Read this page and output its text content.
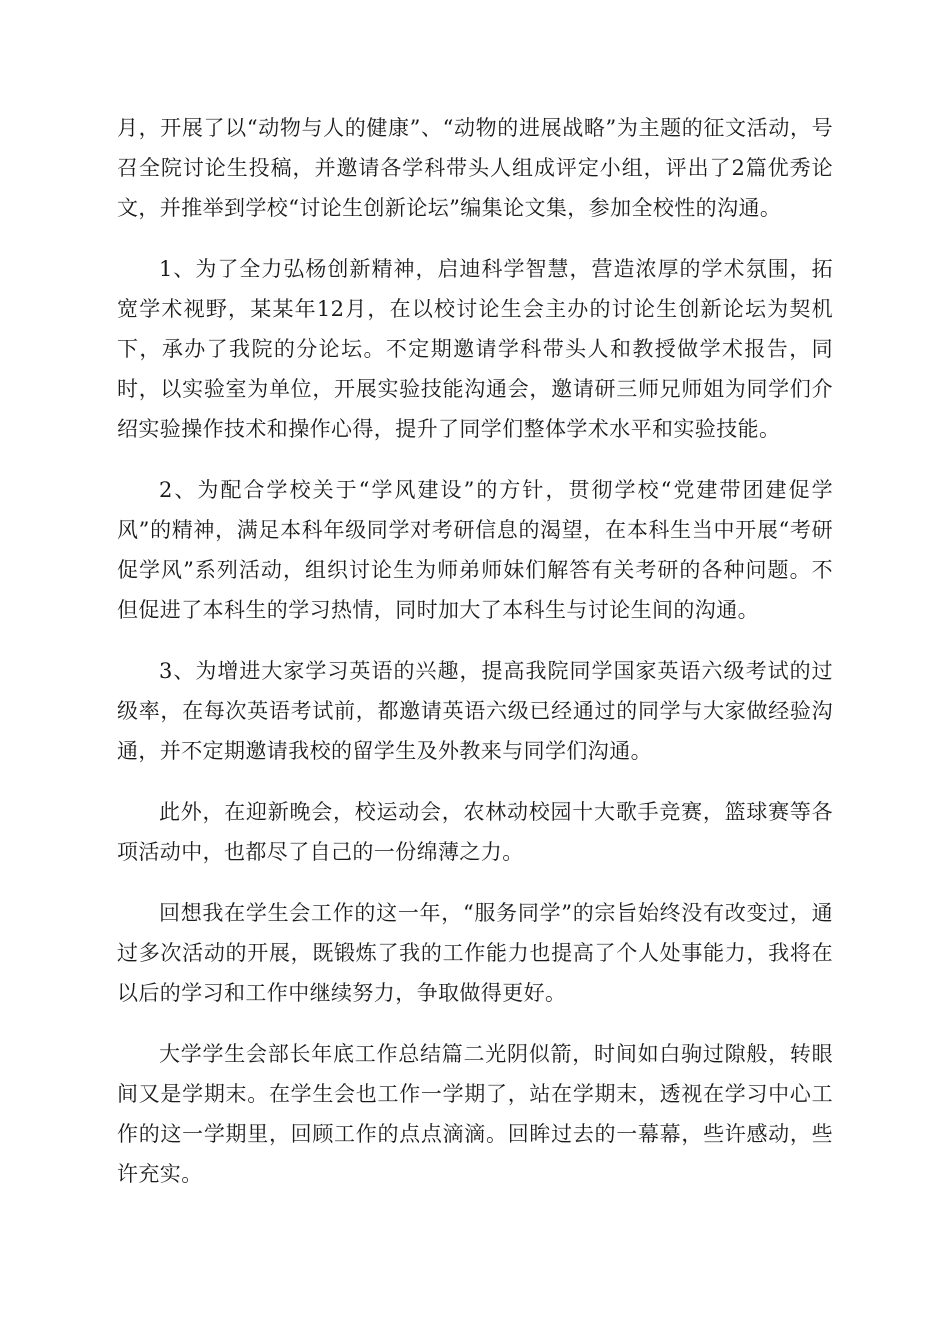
月，开展了以“动物与人的健康”、“动物的进展战略”为主题的征文活动，号召全院讨论生投稿，并邀请各学科带头人组成评定小组，评出了2篇优秀论文，并推举到学校“讨论生创新论坛”编集论文集，参加全校性的沟通。

1、为了全力弘杨创新精神，启迪科学智慧，营造浓厚的学术氛围，拓宽学术视野，某某年12月，在以校讨论生会主办的讨论生创新论坛为契机下，承办了我院的分论坛。不定期邀请学科带头人和教授做学术报告，同时，以实验室为单位，开展实验技能沟通会，邀请研三师兄师姐为同学们介绍实验操作技术和操作心得，提升了同学们整体学术水平和实验技能。

2、为配合学校关于“学风建设”的方针，贯彻学校“党建带团建促学风”的精神，满足本科年级同学对考研信息的渴望，在本科生当中开展“考研促学风”系列活动，组织讨论生为师弟师妹们解答有关考研的各种问题。不但促进了本科生的学习热情，同时加大了本科生与讨论生间的沟通。

3、为增进大家学习英语的兴趣，提高我院同学国家英语六级考试的过级率，在每次英语考试前，都邀请英语六级已经通过的同学与大家做经验沟通，并不定期邀请我校的留学生及外教来与同学们沟通。

此外，在迎新晚会，校运动会，农林动校园十大歌手竞赛，篮球赛等各项活动中，也都尽了自己的一份绵薄之力。

回想我在学生会工作的这一年，“服务同学”的宗旨始终没有改变过，通过多次活动的开展，既锻炼了我的工作能力也提高了个人处事能力，我将在以后的学习和工作中继续努力，争取做得更好。

大学学生会部长年底工作总结篇二光阴似箭，时间如白驹过隙般，转眼间又是学期末。在学生会也工作一学期了，站在学期末，透视在学习中心工作的这一学期里，回顾工作的点点滴滴。回眸过去的一幕幕，些许感动，些许充实。
